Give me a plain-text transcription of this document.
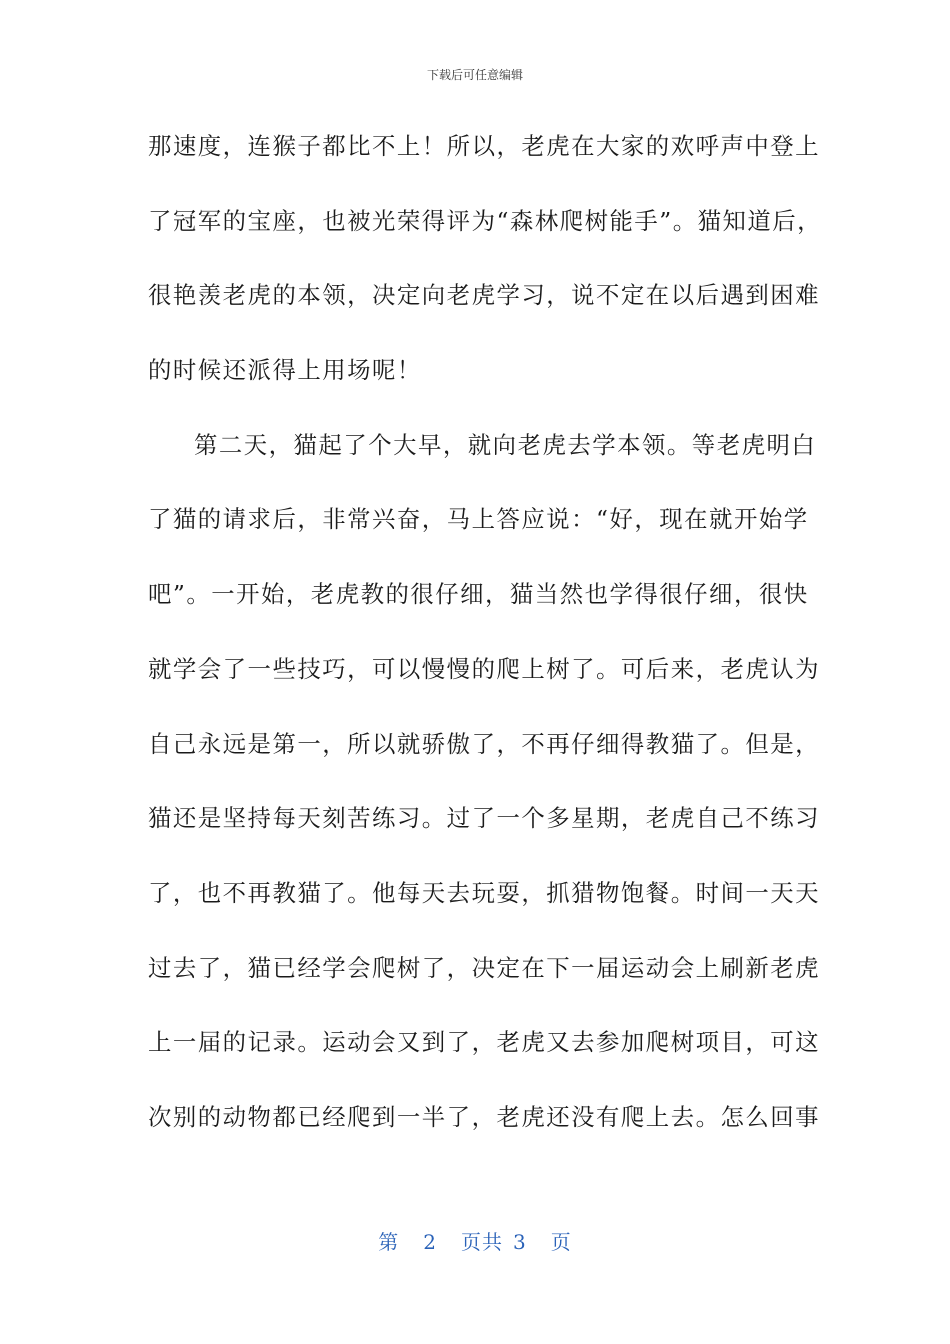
下载后可任意编辑
那速度，连猴子都比不上！所以，老虎在大家的欢呼声中登上
了冠军的宝座，也被光荣得评为“森林爬树能手”。猫知道后，
很艳羡老虎的本领，决定向老虎学习，说不定在以后遇到困难
的时候还派得上用场呢！
第二天，猫起了个大早，就向老虎去学本领。等老虎明白
了猫的请求后，非常兴奋，马上答应说：“好，现在就开始学
吧”。一开始，老虎教的很仔细，猫当然也学得很仔细，很快
就学会了一些技巧，可以慢慢的爬上树了。可后来，老虎认为
自己永远是第一，所以就骄傲了，不再仔细得教猫了。但是，
猫还是坚持每天刻苦练习。过了一个多星期，老虎自己不练习
了，也不再教猫了。他每天去玩耍，抓猎物饱餐。时间一天天
过去了，猫已经学会爬树了，决定在下一届运动会上刷新老虎
上一届的记录。运动会又到了，老虎又去参加爬树项目，可这
次别的动物都已经爬到一半了，老虎还没有爬上去。怎么回事
第 2 页共 3 页
